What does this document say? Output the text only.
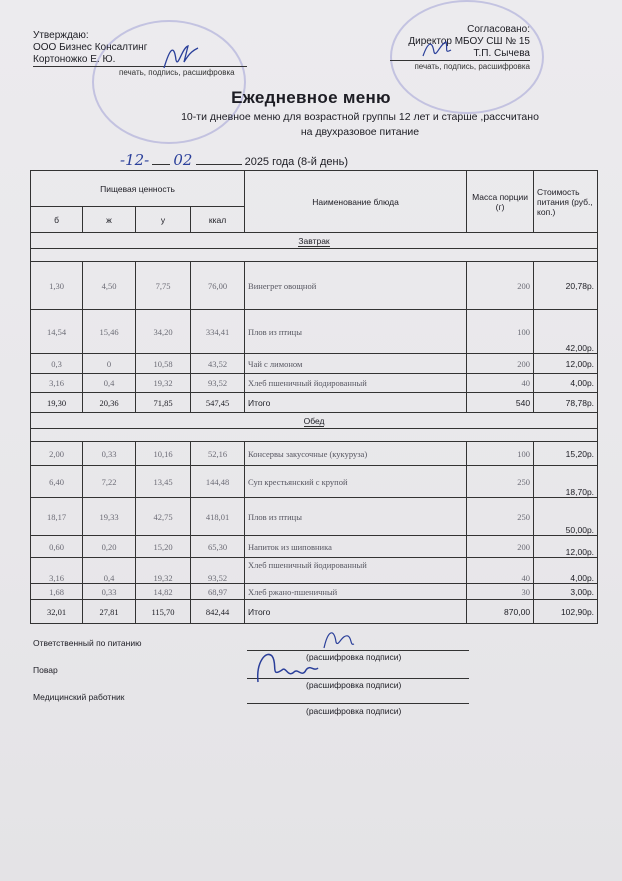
Утверждаю:
ООО Бизнес Консалтинг
Кортоножко Е. Ю.
печать, подпись, расшифровка
Согласовано:
Директор МБОУ СШ № 15
Т.П. Сычева
печать, подпись, расшифровка
Ежедневное меню
10-ти дневное меню для возрастной группы 12 лет и старше ,рассчитано
на двухразовое питание
-12- 02	2025 года (8-й день)
Пищевая ценность				Наименование блюда	Масса порции (г)	Стоимость питания (руб., коп.)
б	ж	у	ккал			
Завтрак						

1,30	4,50	7,75	76,00	Винегрет овощной	200	20,78р.
14,54	15,46	34,20	334,41	Плов из птицы	100	42,00р.
0,3	0	10,58	43,52	Чай с лимоном	200	12,00р.
3,16	0,4	19,32	93,52	Хлеб пшеничный йодированный	40	4,00р.
19,30	20,36	71,85	547,45	Итого	540	78,78р.
Обед						

2,00	0,33	10,16	52,16	Консервы закусочные (кукуруза)	100	15,20р.
6,40	7,22	13,45	144,48	Суп крестьянский с крупой	250	18,70р.
18,17	19,33	42,75	418,01	Плов из птицы	250	50,00р.
0,60	0,20	15,20	65,30	Напиток из шиповника	200	12,00р.
3,16	0,4	19,32	93,52	Хлеб пшеничный йодированный	40	4,00р.
1,68	0,33	14,82	68,97	Хлеб ржано-пшеничный	30	3,00р.
32,01	27,81	115,70	842,44	Итого	870,00	102,90р.
Ответственный по питанию
Повар
Медицинский работник
(расшифровка подписи)
(расшифровка подписи)
(расшифровка подписи)
